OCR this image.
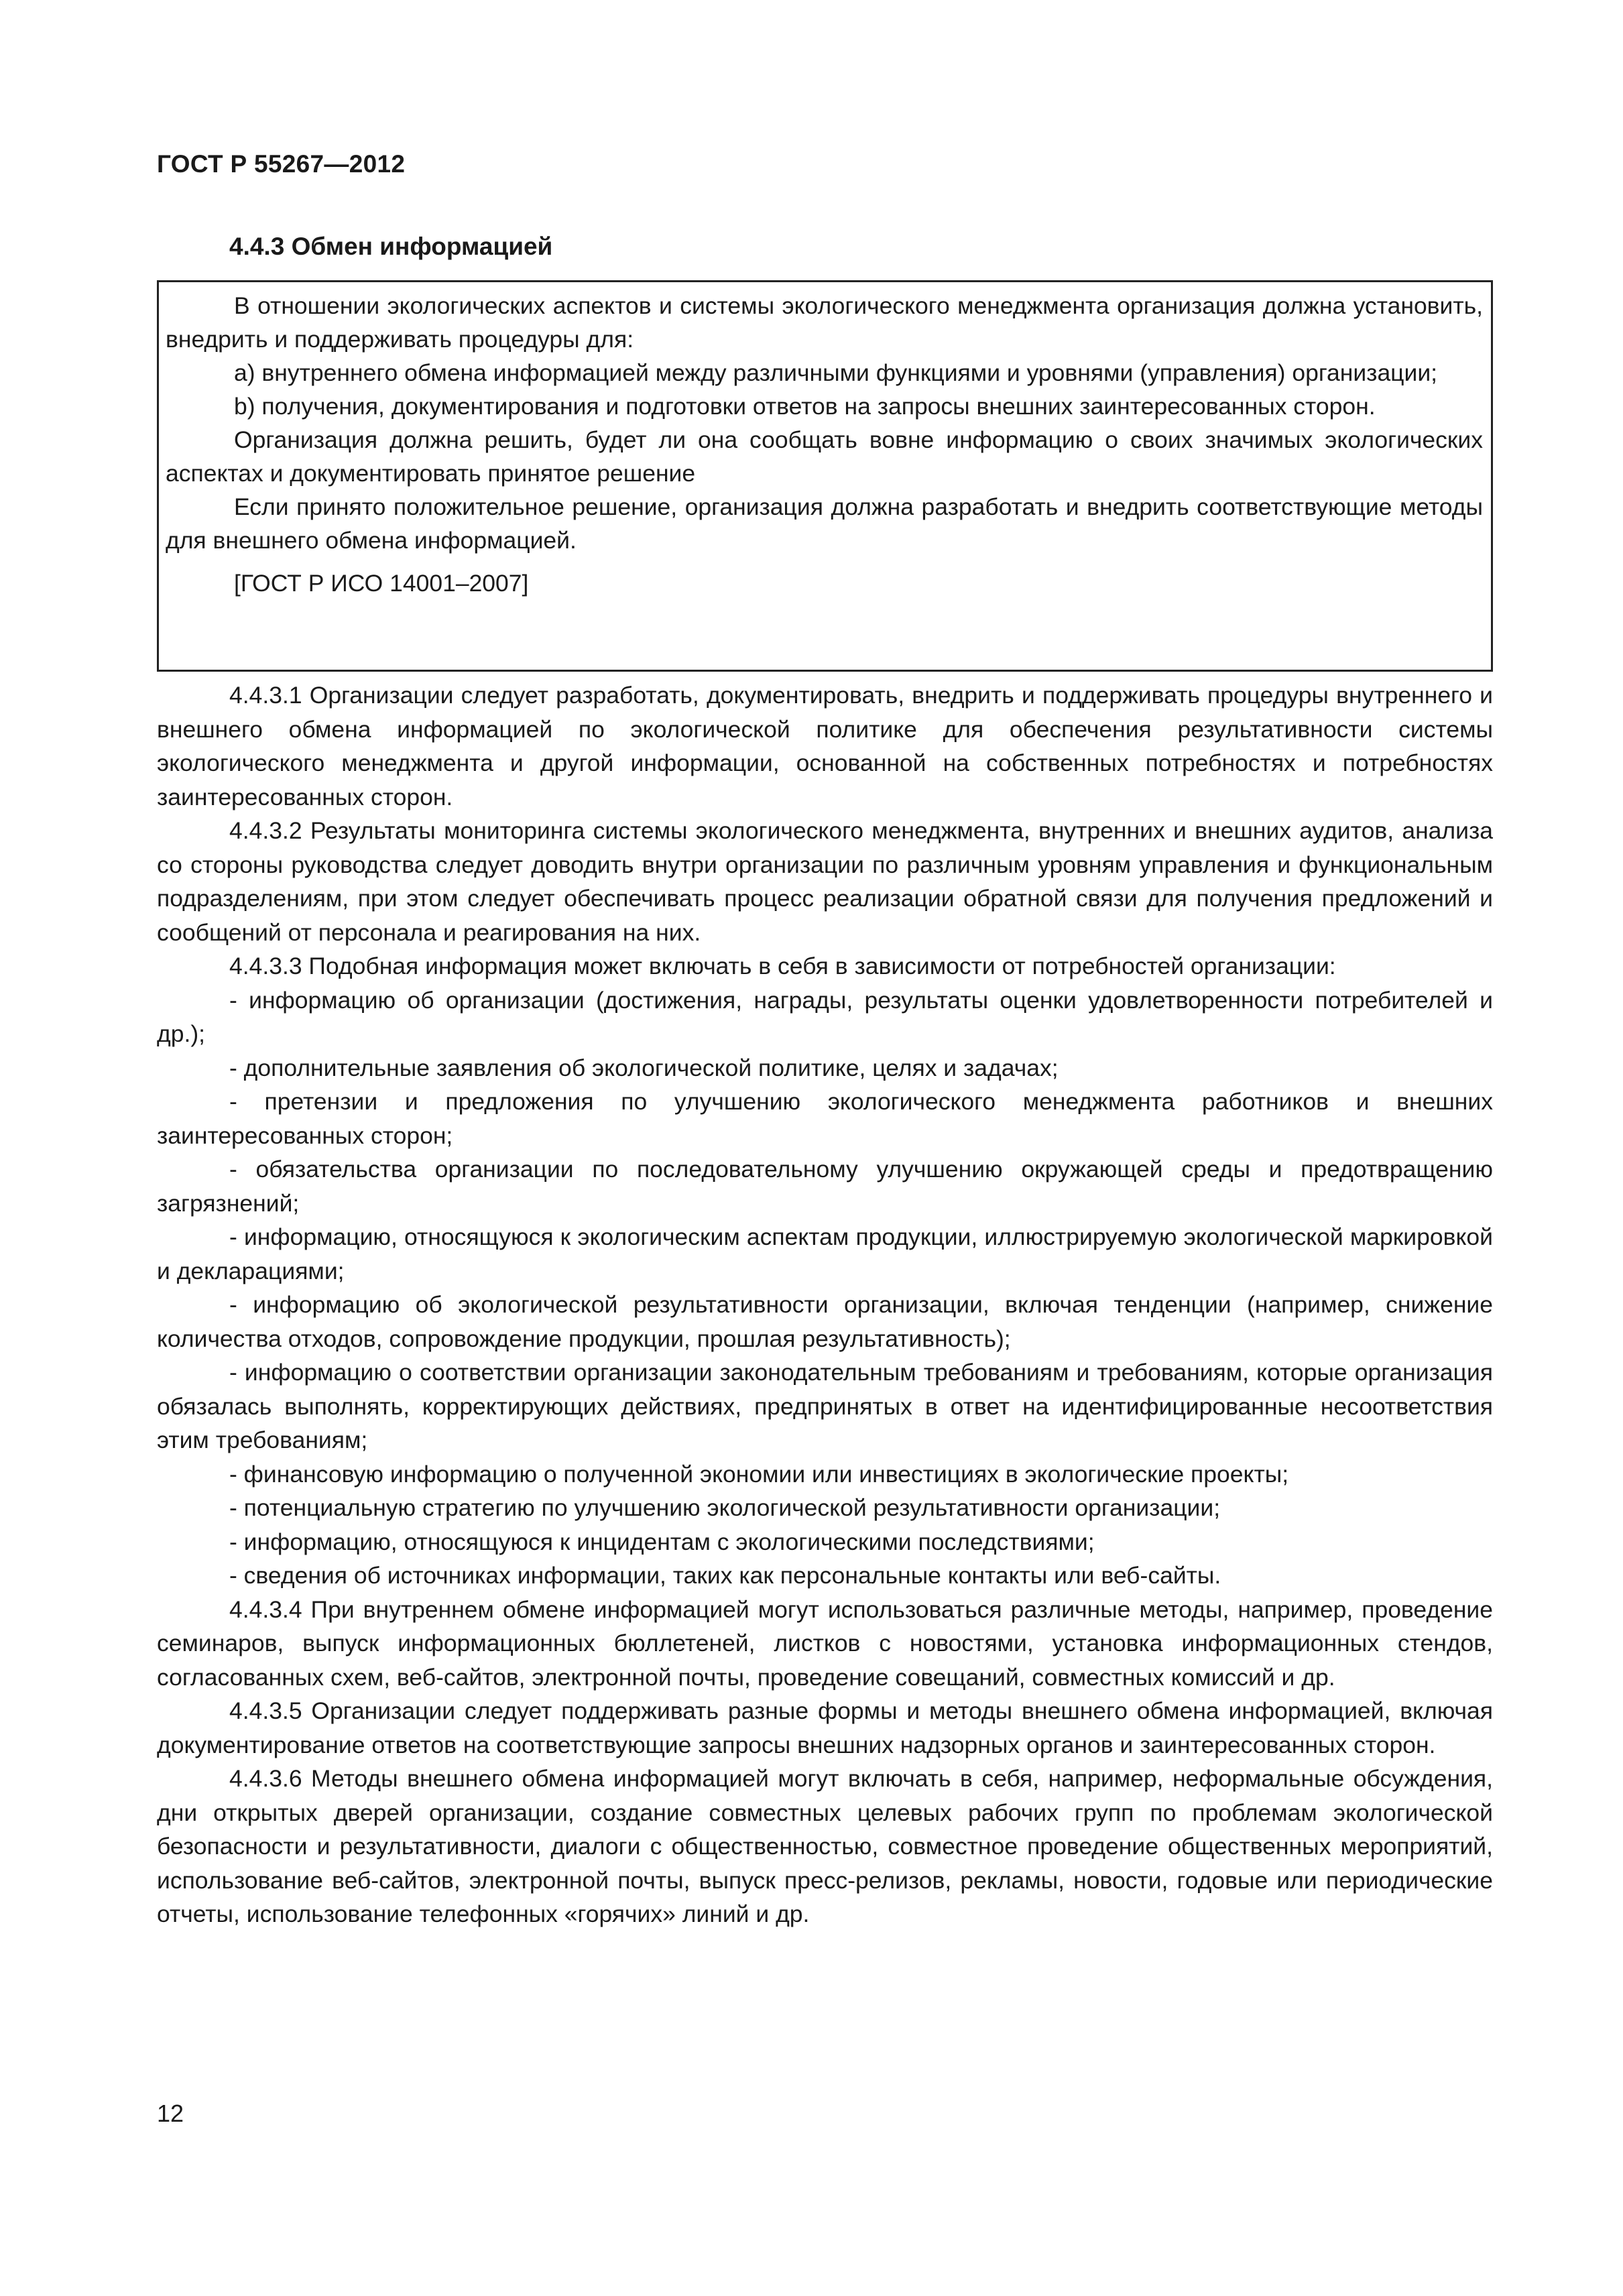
ГОСТ Р 55267—2012
4.4.3 Обмен информацией

В отношении экологических аспектов и системы экологического менеджмента организация должна установить, внедрить и поддерживать процедуры для:

a) внутреннего обмена информацией между различными функциями и уровнями (управления) организации;

b) получения, документирования и подготовки ответов на запросы внешних заинтересованных сторон.

Организация должна решить, будет ли она сообщать вовне информацию о своих значимых экологических аспектах и документировать принятое решение

Если принято положительное решение, организация должна разработать и внедрить соответствующие методы для внешнего обмена информацией.

[ГОСТ Р ИСО 14001–2007]

4.4.3.1 Организации следует разработать, документировать, внедрить и поддерживать процедуры внутреннего и внешнего обмена информацией по экологической политике для обеспечения результативности системы экологического менеджмента и другой информации, основанной на собственных потребностях и потребностях заинтересованных сторон.

4.4.3.2 Результаты мониторинга системы экологического менеджмента, внутренних и внешних аудитов, анализа со стороны руководства следует доводить внутри организации по различным уровням управления и функциональным подразделениям, при этом следует обеспечивать процесс реализации обратной связи для получения предложений и сообщений от персонала и реагирования на них.

4.4.3.3 Подобная информация может включать в себя в зависимости от потребностей организации:

- информацию об организации (достижения, награды, результаты оценки удовлетворенности потребителей и др.);

- дополнительные заявления об экологической политике, целях и задачах;

- претензии и предложения по улучшению экологического менеджмента работников и внешних заинтересованных сторон;

- обязательства организации по последовательному улучшению окружающей среды и предотвращению загрязнений;

- информацию, относящуюся к экологическим аспектам продукции, иллюстрируемую экологической маркировкой и декларациями;

- информацию об экологической результативности организации, включая тенденции (например, снижение количества отходов, сопровождение продукции, прошлая результативность);

- информацию о соответствии организации законодательным требованиям и требованиям, которые организация обязалась выполнять, корректирующих действиях, предпринятых в ответ на идентифицированные несоответствия этим требованиям;

- финансовую информацию о полученной экономии или инвестициях в экологические проекты;

- потенциальную стратегию по улучшению экологической результативности организации;

- информацию, относящуюся к инцидентам с экологическими последствиями;

- сведения об источниках информации, таких как персональные контакты или веб-сайты.

4.4.3.4 При внутреннем обмене информацией могут использоваться различные методы, например, проведение семинаров, выпуск информационных бюллетеней, листков с новостями, установка информационных стендов, согласованных схем, веб-сайтов, электронной почты, проведение совещаний, совместных комиссий и др.

4.4.3.5 Организации следует поддерживать разные формы и методы внешнего обмена информацией, включая документирование ответов на соответствующие запросы внешних надзорных органов и заинтересованных сторон.

4.4.3.6 Методы внешнего обмена информацией могут включать в себя, например, неформальные обсуждения, дни открытых дверей организации, создание совместных целевых рабочих групп по проблемам экологической безопасности и результативности, диалоги с общественностью, совместное проведение общественных мероприятий, использование веб-сайтов, электронной почты, выпуск пресс-релизов, рекламы, новости, годовые или периодические отчеты, использование телефонных «горячих» линий и др.

12
